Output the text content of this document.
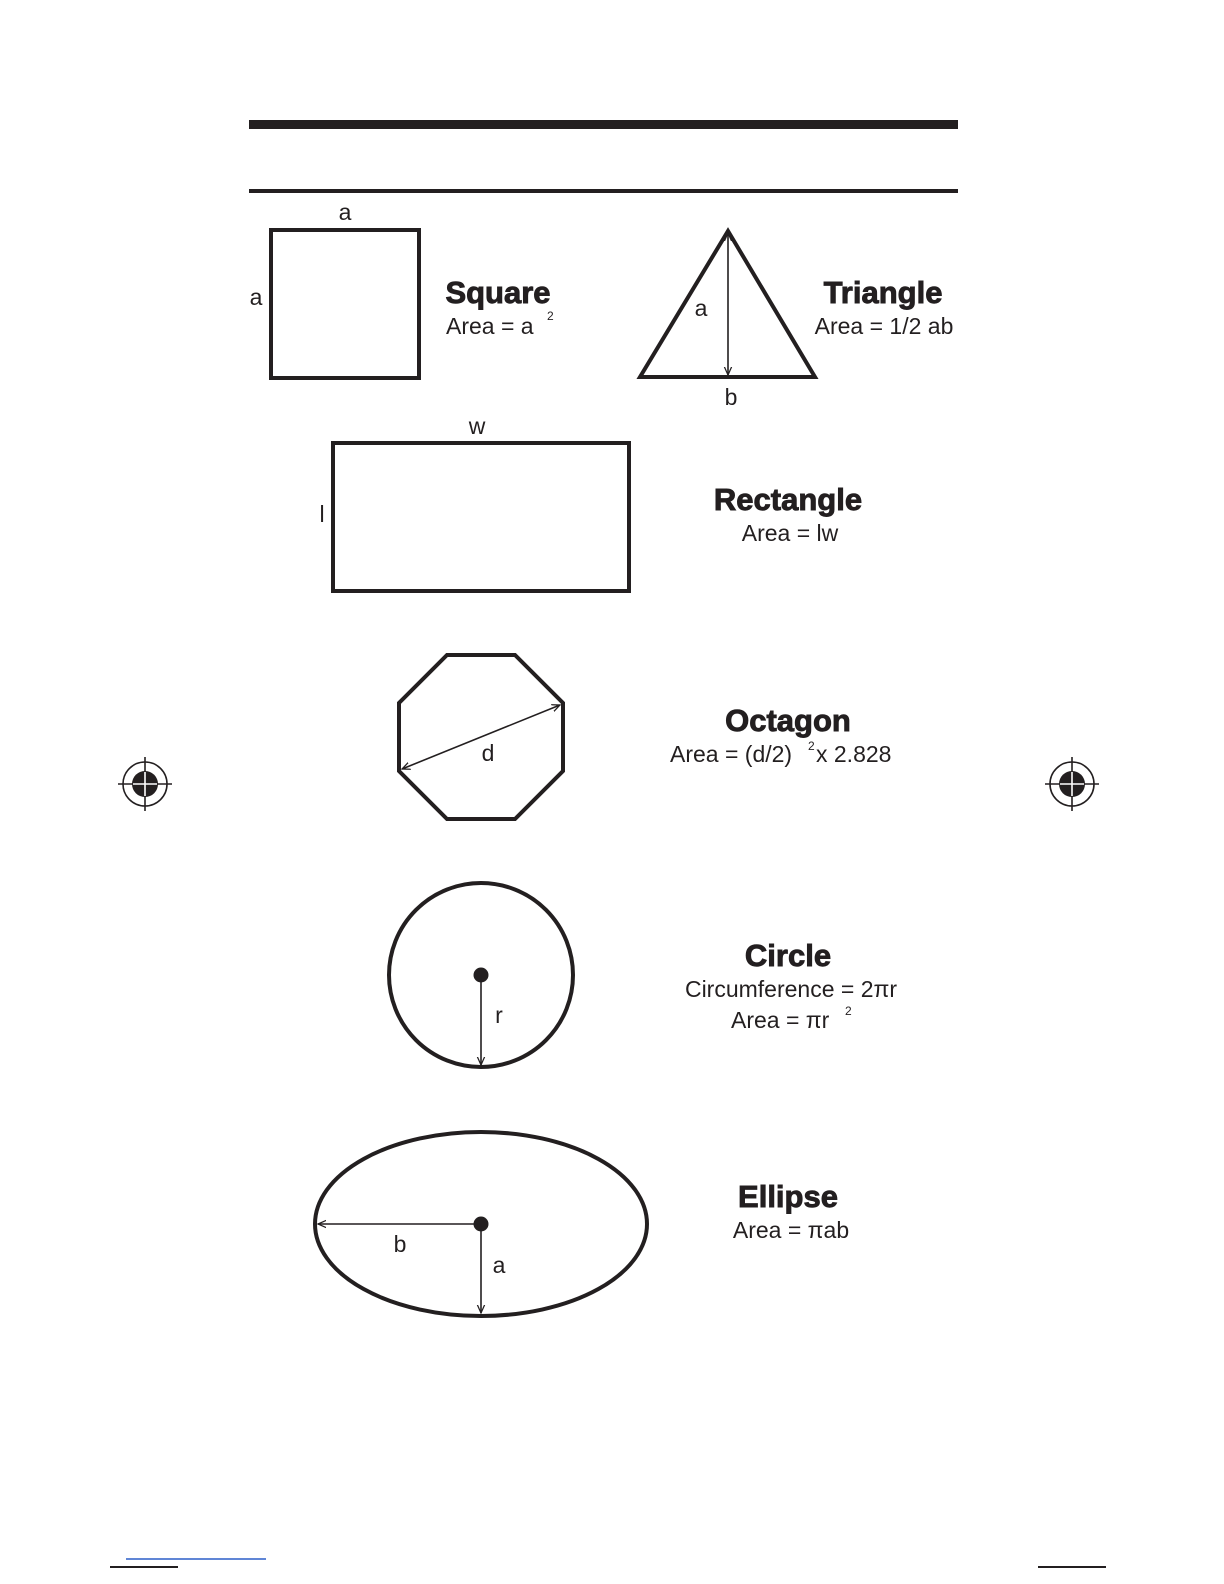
a
a	Square
Area = a 2	a
b
Triangle
Area = 1/2 ab
w
l	Rectangle
Area = lw
d
Octagon
Area = (d/2) 2 x 2.828
r
Circle
Circumference = 2πr
Area = πr 2
b
a
Ellipse
Area = πab
